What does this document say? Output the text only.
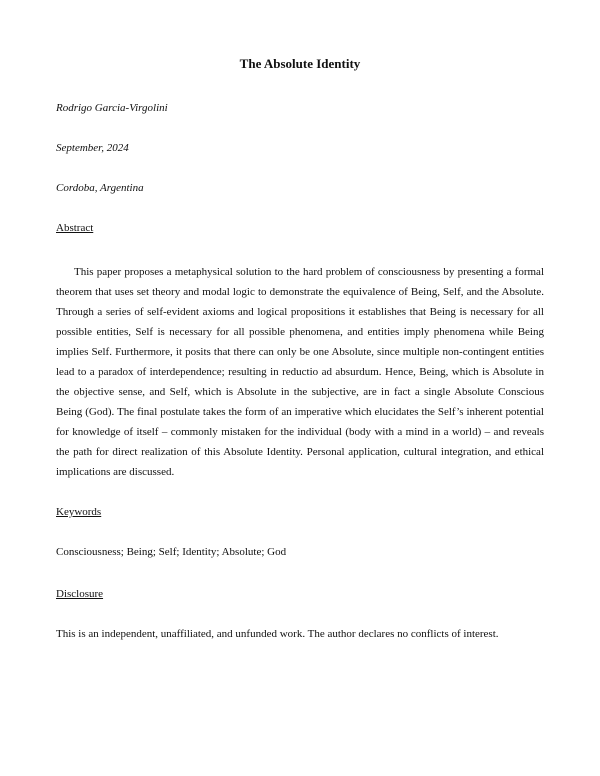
The Absolute Identity

Rodrigo Garcia-Virgolini

September, 2024

Cordoba, Argentina

Abstract

This paper proposes a metaphysical solution to the hard problem of consciousness by presenting a formal theorem that uses set theory and modal logic to demonstrate the equivalence of Being, Self, and the Absolute. Through a series of self-evident axioms and logical propositions it establishes that Being is necessary for all possible entities, Self is necessary for all possible phenomena, and entities imply phenomena while Being implies Self. Furthermore, it posits that there can only be one Absolute, since multiple non-contingent entities lead to a paradox of interdependence; resulting in reductio ad absurdum. Hence, Being, which is Absolute in the objective sense, and Self, which is Absolute in the subjective, are in fact a single Absolute Conscious Being (God). The final postulate takes the form of an imperative which elucidates the Self’s inherent potential for knowledge of itself – commonly mistaken for the individual (body with a mind in a world) – and reveals the path for direct realization of this Absolute Identity. Personal application, cultural integration, and ethical implications are discussed.

Keywords

Consciousness; Being; Self; Identity; Absolute; God

Disclosure

This is an independent, unaffiliated, and unfunded work. The author declares no conflicts of interest.
